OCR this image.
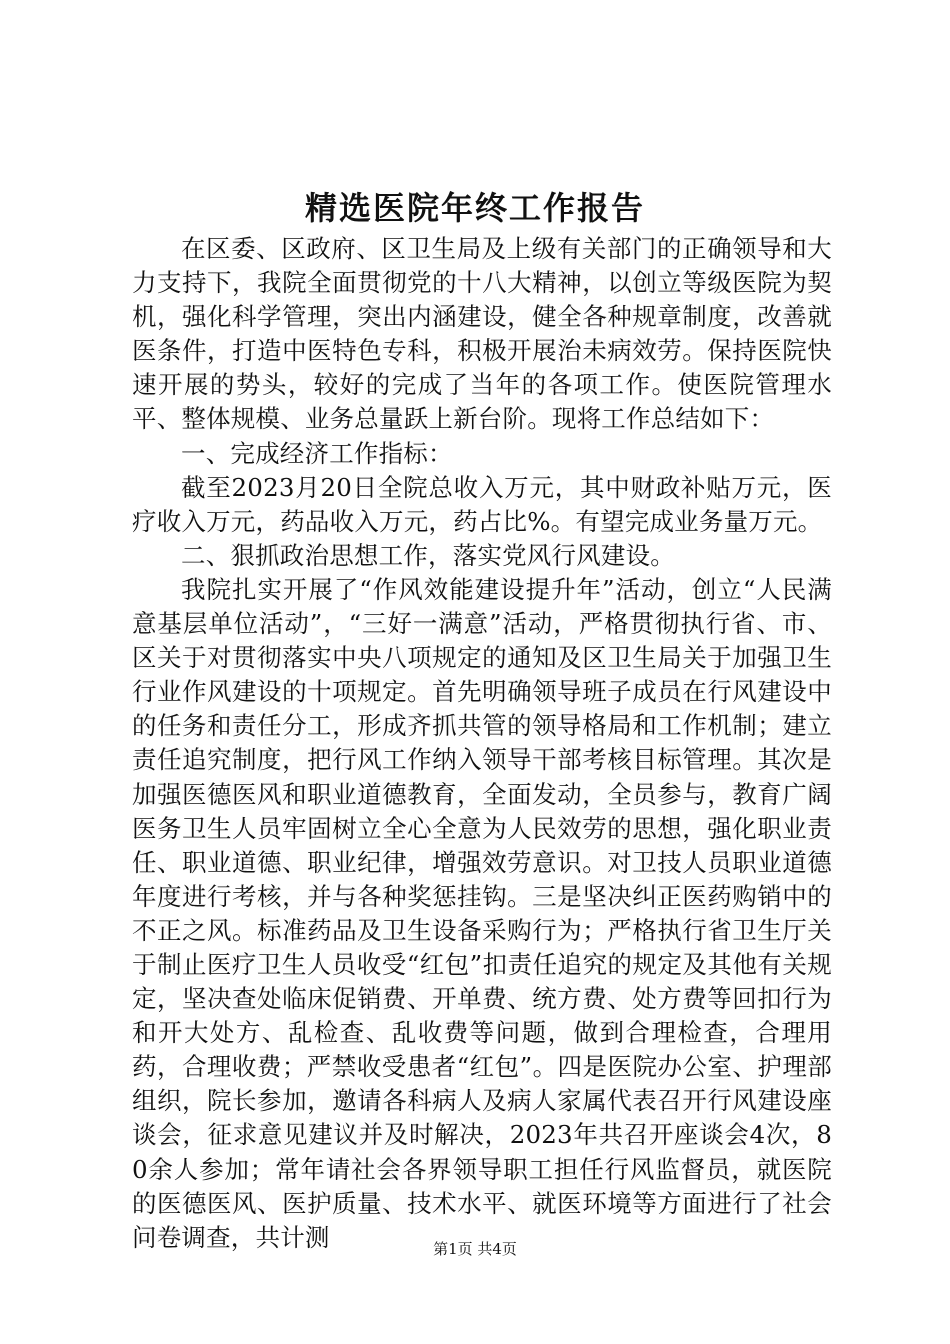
精选医院年终工作报告

在区委、区政府、区卫生局及上级有关部门的正确领导和大力支持下，我院全面贯彻党的十八大精神，以创立等级医院为契机，强化科学管理，突出内涵建设，健全各种规章制度，改善就医条件，打造中医特色专科，积极开展治未病效劳。保持医院快速开展的势头，较好的完成了当年的各项工作。使医院管理水平、整体规模、业务总量跃上新台阶。现将工作总结如下：

一、完成经济工作指标：

截至2023月20日全院总收入万元，其中财政补贴万元，医疗收入万元，药品收入万元，药占比%。有望完成业务量万元。

二、狠抓政治思想工作，落实党风行风建设。

我院扎实开展了“作风效能建设提升年”活动，创立“人民满意基层单位活动”，“三好一满意”活动，严格贯彻执行省、市、区关于对贯彻落实中央八项规定的通知及区卫生局关于加强卫生行业作风建设的十项规定。首先明确领导班子成员在行风建设中的任务和责任分工，形成齐抓共管的领导格局和工作机制；建立责任追究制度，把行风工作纳入领导干部考核目标管理。其次是加强医德医风和职业道德教育，全面发动，全员参与，教育广阔医务卫生人员牢固树立全心全意为人民效劳的思想，强化职业责任、职业道德、职业纪律，增强效劳意识。对卫技人员职业道德年度进行考核，并与各种奖惩挂钩。三是坚决纠正医药购销中的不正之风。标准药品及卫生设备采购行为；严格执行省卫生厅关于制止医疗卫生人员收受“红包”扣责任追究的规定及其他有关规定，坚决查处临床促销费、开单费、统方费、处方费等回扣行为和开大处方、乱检查、乱收费等问题，做到合理检查，合理用药，合理收费；严禁收受患者“红包”。四是医院办公室、护理部组织，院长参加，邀请各科病人及病人家属代表召开行风建设座谈会，征求意见建议并及时解决，2023年共召开座谈会4次，80余人参加；常年请社会各界领导职工担任行风监督员，就医院的医德医风、医护质量、技术水平、就医环境等方面进行了社会问卷调查，共计测	第1页 共4页
